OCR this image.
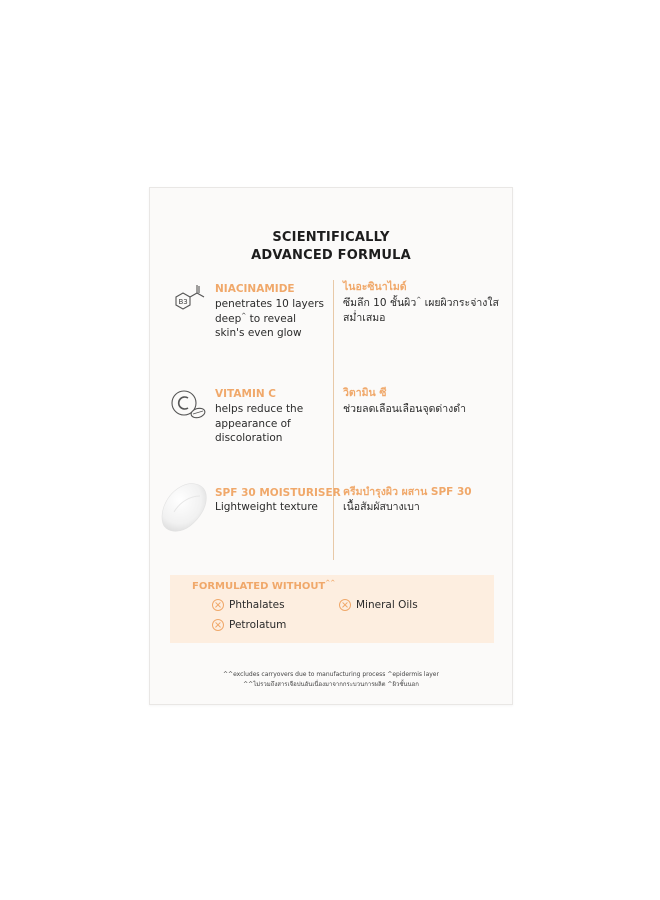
SCIENTIFICALLY
ADVANCED FORMULA
B3
NIACINAMIDE
penetrates 10 layers
deep^ to reveal
skin's even glow
ไนอะซินาไมด์
ซึมลึก 10 ชั้นผิว^ เผยผิวกระจ่างใส
สม่ำเสมอ
VITAMIN C
helps reduce the
appearance of
discoloration
วิตามิน ซี
ช่วยลดเลือนเลือนจุดด่างดำ
SPF 30 MOISTURISER
Lightweight texture
ครีมบำรุงผิว ผสาน SPF 30
เนื้อสัมผัสบางเบา
FORMULATED WITHOUT^^
Phthalates	Mineral Oils
Petrolatum
^^excludes carryovers due to manufacturing process ^epidermis layer
^^ไม่รวมถึงสารเจือปนอันเนื่องมาจากกระบวนการผลิต ^ผิวชั้นนอก
